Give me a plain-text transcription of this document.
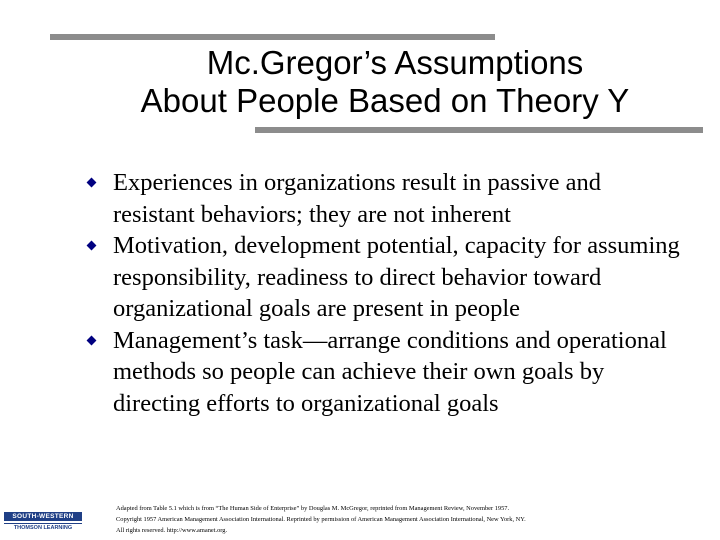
Mc.Gregor’s Assumptions
About People Based on Theory Y
Experiences in organizations result in passive and resistant behaviors; they are not inherent
Motivation, development potential, capacity for assuming responsibility, readiness to direct behavior toward organizational goals are present in people
Management’s task—arrange conditions and operational methods so people can achieve their own goals by directing efforts to organizational goals
SOUTH-WESTERN
THOMSON LEARNING
Adapted from Table 5.1 which is from “The Human Side of Enterprise” by Douglas M. McGregor, reprinted from Management Review, November 1957.
Copyright 1957 American Management Association International. Reprinted by permission of American Management Association International, New York, NY.
All rights reserved. http://www.amanet.org.
